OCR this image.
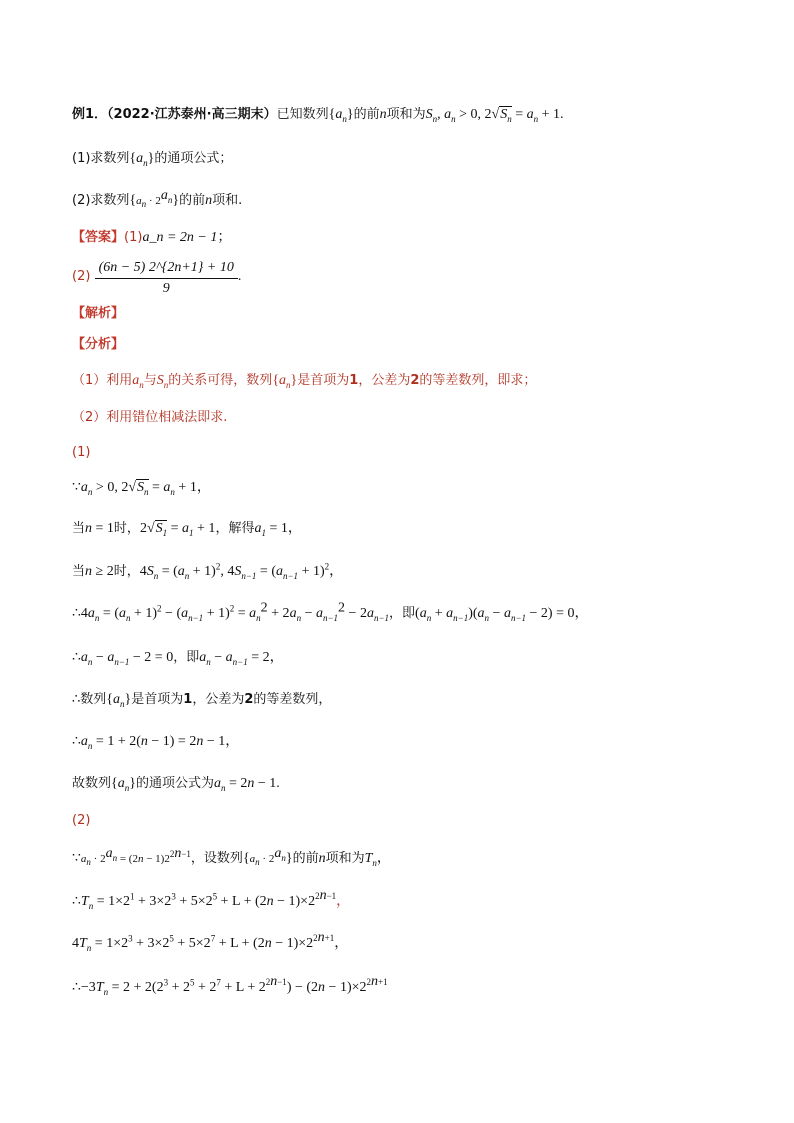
例1．（2022·江苏泰州·高三期末）已知数列$\{a_n\}$的前n项和为$S_n$, $a_n > 0$, $2√S_n = a_n + 1$.
(1)求数列$\{a_n\}$的通项公式；
(2)求数列$\{a_n \cdot 2^{a_n}\}$的前n项和.
【答案】(1)a_n = 2n − 1；
$(2) \frac{(6n - 5) 2\^{}\{2n+1\} + 10}{9}$ .
【解析】
【分析】
（1）利用$a_n$与$S_n$的关系可得，数列$\{a_n\}$是首项为1，公差为2的等差数列，即求；
（2）利用错位相减法即求.
(1)
$\because a_n > 0$, $2√S_n = a_n + 1$，
当n = 1时，$2√S_1 = a_1 + 1$，解得$a_1 = 1$，
当n ≥ 2时，$4S_n = (a_n + 1)^2$, $4S_{n-1} = (a_{n-1} + 1)^2$，
$\therefore 4a_n = (a_n + 1)^2 - (a_{n-1} + 1)^2 = a_n^2 + 2a_n - a_{n-1}^2 - 2a_{n-1}$，即$(a_n + a_{n-1})(a_n - a_{n-1} - 2) = 0$，
$\therefore a_n - a_{n-1} - 2 = 0$，即$a_n - a_{n-1} = 2$，
∴数列$\{a_n\}$是首项为1，公差为2的等差数列，
$\therefore a_n = 1 + 2(n - 1) = 2n - 1$，
故数列$\{a_n\}$的通项公式为$a_n = 2n - 1$.
(2)
$\because a_n \cdot 2^{a_n} = (2n - 1)2^{2n-1}$，设数列$\{a_n \cdot 2^{a_n}\}$的前n项和为$T_n$，
$\therefore T_n = 1\times 2^1 + 3\times 2^3 + 5\times 2^5 + L + (2n - 1)\times 2^{2n-1}$，
$4T_n = 1\times 2^3 + 3\times 2^5 + 5\times 2^7 + L + (2n - 1)\times 2^{2n+1}$，
$\therefore-3T_n = 2 + 2(2^3 + 2^5 + 2^7 + L + 2^{2n-1}) - (2n - 1)\times 2^{2n+1}$
